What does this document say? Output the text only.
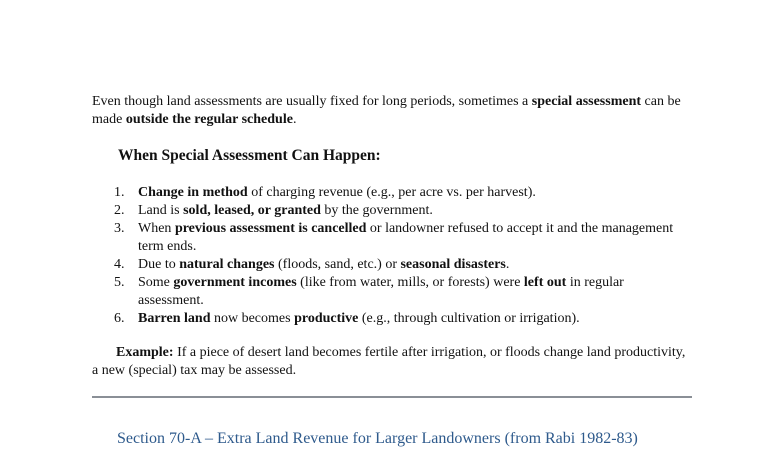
Even though land assessments are usually fixed for long periods, sometimes a special assessment can be made outside the regular schedule.

When Special Assessment Can Happen:
1. Change in method of charging revenue (e.g., per acre vs. per harvest).
2. Land is sold, leased, or granted by the government.
3. When previous assessment is cancelled or landowner refused to accept it and the management term ends.
4. Due to natural changes (floods, sand, etc.) or seasonal disasters.
5. Some government incomes (like from water, mills, or forests) were left out in regular assessment.
6. Barren land now becomes productive (e.g., through cultivation or irrigation).

Example: If a piece of desert land becomes fertile after irrigation, or floods change land productivity, a new (special) tax may be assessed.

Section 70-A – Extra Land Revenue for Larger Landowners (from Rabi 1982-83)
